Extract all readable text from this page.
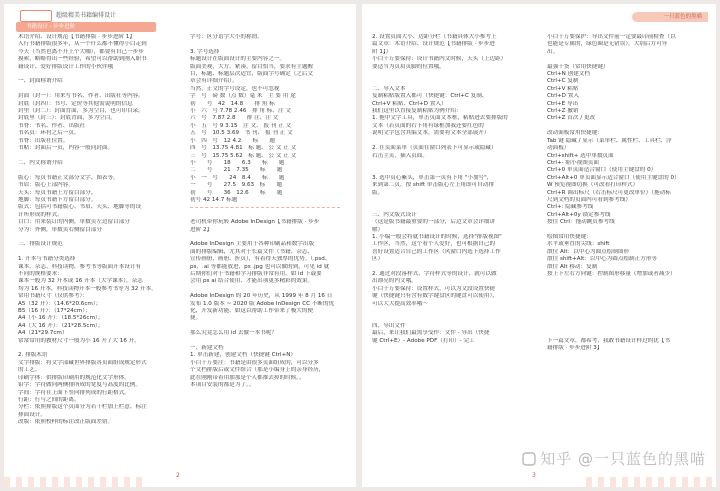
超级精美书籍编排设计
书籍设计 · 步步进阶
术语介绍、设计规范【书籍排版 · 步步进阶 1】
入行书籍排版很多年，从一个什么都不懂得小白走到
今天（当然也离不开上个大咖），都要有自己一步步
摸索，略略得出一些经验，希望可以帮助到刚入职书
籍设计、爱好排版设计工作的小伙伴哦

一、封面称谓介绍

封面（封一）：用来写书名、作者、出版社等内容。
封底（封四）：书号、定价等其他需说明的信息
封里（封二）：封面背面，多为空白，也可印目录。
封底里（封三）：封底背面，多为空白。
书脊：书名、作者、出版社
书名页：环衬之后一页。
书脊：出版社位置。
书帖：封面后一页，内容一般同封面。

二、内文称谓介绍

版心：每页书籍正文部分文字、图表等。
书眉：版心上部内容。
天头：每页书籍上方留白部分。
地脚：每页书籍下方留白部分。
版式：包括可书籍版心、书眉、天头、地脚等的设
计所形成的样式。
目口：用来装订的内侧，单数页左边留白部分
分为：外侧，单数页右侧留白部分

三、排版设计规范

1. 开本与书籍分类选择
课本、杂志、科技读物，参考书等版面开本设计有
不同的规格要求：
课本一般为 32 开本或 16 开本（大学课本），杂志
均为 16 开本，科技读物开本一般参考书等为 32 开本。
常用书籍尺寸（仅供参考）：
A5（32 开）：（14.6*20.6cm）；
B5（16 开）：（17*24cm）；
A4（小 16 开）：（18.5*26cm）；
A4（大 16 开）：（21*28.5cm）；
A4（21*29.7cm）
常常常用的教材尺寸一般为小 16 开 / 大 16 开。

2. 排版术语
文字排版：将文字部藏世界排版各页面组成规定形式
的工艺。
印刷字体：供排版印刷用的规范化文字形体。
铅字：字符做向两侧排所成的宽度与高度的比例。
字间：字符在上面下竖向排列成的行距格式。
行距：行与之间的距离。
分栏：依照排版这个页面分为若干栏加上栏意。标注
排面设计。
改版：依照校样的标注改正版面差错。
字号：区分语字大小的称谓。

3. 字号选择
标题设计在版面设计的主要内容之一。
版面美观，大方、紧凑、留白恰当，要求有主题醒
目，标题、标题层次适宜，版面字号确定（之后文
章会有详细介绍）。
当然，正文的字号设定，也不可忽视
字　号　磅 数（点 数）毫 米　主 要 用 途
初　　号　42　14.8　　排 角 标
小　六　号 7.78 2.46　排 角 标、注 文
六　号　7.87 2.8　　排 注、注 文
小　五　号 9 3.15　注 文、 报 刊 正 文
五　号　10.5 3.69　书 刊、 报 刊 正 文
小　四　号　12 4.2　　标　　题
四　号　13.75 4.81　标 题、 公 文 正 文
三　号　15.75 5.62　标 题、 公 文 正 文
小　　号　　18　　6.3　　标　　题
二　　号　　21　7.35　　标　　题
小　一　号　　24　8.4　　标　　题
一　　号　　27.5　9.63　标　　题
初　　号　　36　12.6　　标　　题
初号 42 14.7 标题

老司机带你玩转 Adobe InDesign【书籍排版 · 步步
进阶 2】

Adobe InDesign 主要用于各种印刷品和数字出版
面的排版编辑，尤其对于长篇文件（书籍、杂志、
宣传画册、画册、折页），有着得天独厚的优势。（.psd、
ps、.ai 等都能放进，ps .jpg 也可以做的到，可见 id 就
后期你们对于书籍和学习排版非常有用。如 id 下载要
会用 ps ai 结合使用、才能出项更多精彩的效果。

Adobe InDesign 的 20 年历史，从 1999 年 8 月 16 日
发布 1.0 版本 ~ 2020 版 Adobe InDesign CC 不断的优
化，开发新功能、如这以帮助工作带来了极大的便
捷。

那么究竟怎么用 id 去做一本书呢？

一、新建文档
1. 单击新建，创建文档（快捷键 Ctrl+N）
小白千万要注：书籍是由很多页面组成的，可以分多
个文档排版后或文件组合（那是小编身上的亲身经历，
此在刚刚带着用加那是个人都推去掉的时候。。
本项目安装的都是为了。。
2
一只蓝色的黑喵
2. 设置页面大小、边距分栏（书籍具体大小参考上
篇文章：术语介绍、设计规范【书籍排版 · 步步进
阶 1】）
小白千万要保持：设计书籍内文时候，天头（上边距）
要适当为页眉页脚的位置哦。

二、导入文本
复制粘贴版置入都可（快捷键：Ctrl+C 复制、
Ctrl+V 粘贴、Ctrl+D 置入）
我们这里以直接复制粘贴为例介绍：
1. 拖中文字工具，单击页面文本框，粘贴进去要排版的
文本（若页面的右下角有绿框加我还要红色的
说明文字包含其编文本，需要将文本全部展开）

2. 在页面菜单（页面在窗口列表下可显示或隐藏）
右击主页，插入页面。

3. 选中页心紫头，单击第一页有下角 "小加号"，
来到第二页，按 shift 单击版心左上角即可自动排
版。

三、内文版式设计
（这是版书籍最重要的一部分，后边文章会详细讲
解）
1. 小编一般会将就书籍设计的时候，选择"排版视图"
工作区，当然，这个看个人爱好，也可根据自己的
喜好设置适合自己的工作区（风窗口内选下选择工作
区）

2. 通过对段落样式、字符样式等的设计，就可以做
出漂亮的内文哦。
小白千万要保持：设置样式，可以为文段设置快捷
键（快捷键只有含有数字键盘区的键盘可以使用），
可以大大提高效率哦～

四、导出文件
最后，来让我们最需享受作：文件 - 导出（快捷
键 Ctrl+E）- Adobe PDF（打印）- 完工
小白千万要保护：导出文件前一定要最印前检查（以
也能是专属的，绿色圈是无错误），大别后方可导
出。

最强干货（常用快捷键）
Ctrl+N 创建文档
Ctrl+C 复制
Ctrl+V 粘贴
Ctrl+D 置入
Ctrl+E 导出
Ctrl+Z 撤销
Ctrl+Z 首次 / 更改

改动面板常用快捷键：
Tab 键 隐藏 / 显示（菜单栏、属性栏、工具栏、浮
动面板）
Ctrl+shift+ 选中单数页面
Ctrl+- 缩小视图页面
Ctrl+0 单页面适合窗口（使用主键盘的 0）
Ctrl+Alt+0 单页面显示适合窗口（使用主键盘的 0）
W 预览视图切换（可改看打印样式）
Ctrl+R 调出标尺（右击标尺可更改单位）（拖动标
尺到文档的页面内可看到参考线）
Ctrl+: 隐藏参考线
Ctrl+Alt+0y 锁定参考线
按住 Ctrl：拖动跳页参考线

绘图常用快捷键：
水平或垂直的尖线：shift
散位 Alt：以中心为圆点绘制图形
散住 shift+Alt：以中心为圆点绘制正方形等
散住 Alt 移动：复制
按上下左右方向键：控制图形移量（增加或者减少）

下一篇文章，都希考，我敢书籍设计样过的优【书
籍排版 · 步步进阶 3】
3
知乎 @一只蓝色的黑喵
